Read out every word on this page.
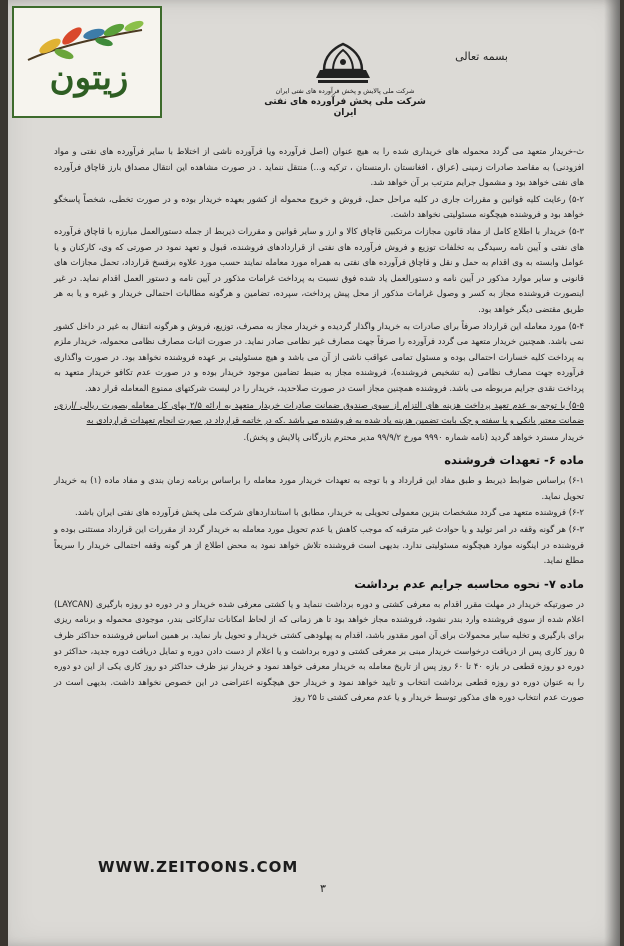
زیتون
بسمه تعالی
شرکت ملی پالایش و پخش فرآورده های نفتی ایران
شرکت ملی پخش فرآورده های نفتی ایران

ث-خریدار متعهد می گردد محموله های خریداری شده را به هیچ عنوان (اصل فرآورده ویا فرآورده ناشی از اختلاط با سایر فرآورده های نفتی و مواد افزودنی) به مقاصد صادرات زمینی (عراق ، افغانستان ،ارمنستان ، ترکیه و...) منتقل ننماید . در صورت مشاهده این انتقال مصداق بارز قاچاق فرآورده های نفتی خواهد بود و مشمول جرایم مترتب بر آن خواهد شد.

۵-۲) رعایت کلیه قوانین و مقررات جاری در کلیه مراحل حمل، فروش و خروج محموله از کشور بعهده خریدار بوده و در صورت تخطی، شخصاً پاسخگو خواهد بود و فروشنده هیچگونه مسئولیتی نخواهد داشت.

۵-۳) خریدار با اطلاع کامل از مفاد قانون مجازات مرتکبین قاچاق کالا و ارز و سایر قوانین و مقررات ذیربط از جمله دستورالعمل مبارزه با قاچاق فرآورده های نفتی و آیین نامه رسیدگی به تخلفات توزیع و فروش فرآورده های نفتی از قراردادهای فروشنده، قبول و تعهد نمود در صورتی که وی، کارکنان و یا عوامل وابسته به وی اقدام به حمل و نقل و قاچاق فرآورده های نفتی به همراه مورد معامله نمایند حسب مورد علاوه برفسخ قرارداد، تحمل مجازات های قانونی و سایر موارد مذکور در آیین نامه و دستورالعمل یاد شده فوق نسبت به پرداخت غرامات مذکور در آیین نامه و دستور العمل اقدام نماید. در غیر اینصورت فروشنده مجاز به کسر و وصول غرامات مذکور از محل پیش پرداخت، سپرده، تضامین و هرگونه مطالبات احتمالی خریدار و غیره و یا به هر طریق مقتضی دیگر خواهد بود.

۵-۴) مورد معامله این قرارداد صرفاً برای صادرات به خریدار واگذار گردیده و خریدار مجاز به مصرف، توزیع، فروش و هرگونه انتقال به غیر در داخل کشور نمی باشد. همچنین خریدار متعهد می گردد فرآورده را صرفاً جهت مصارف غیر نظامی صادر نماید. در صورت اثبات مصارف نظامی محموله، خریدار ملزم به پرداخت کلیه خسارات احتمالی بوده و مسئول تمامی عواقب ناشی از آن می باشد و هیچ مسئولیتی بر عهده فروشنده نخواهد بود. در صورت واگذاری فرآورده جهت مصارف نظامی (به تشخیص فروشنده)، فروشنده مجاز به ضبط تضامین موجود خریدار بوده و در صورت عدم تکافو خریدار متعهد به پرداخت نقدی جرایم مربوطه می باشد. فروشنده همچنین مجاز است در صورت صلاحدید، خریدار را در لیست شرکتهای ممنوع المعامله قرار دهد.

۵-۵) با توجه به عدم تعهد پرداخت هزینه های التزام از سوی صندوق ضمانت صادرات خریدار متعهد به ارائه ۲/۵ بهای کل معامله بصورت ریالی /ارزی، ضمانت معتبر بانکی و یا سفته و چک بابت تضمین هزینه یاد شده به فروشنده می باشد .که در خاتمه قرارداد در صورت انجام تعهدات قراردادی به

خریدار مسترد خواهد گردید (نامه شماره ۹۹۹۰ مورخ ۹۹/۹/۲ مدیر محترم بازرگانی پالایش و پخش).

ماده ۶- تعهدات فروشنده

۶-۱) براساس ضوابط ذیربط و طبق مفاد این قرارداد و با توجه به تعهدات خریدار مورد معامله را براساس برنامه زمان بندی و مفاد ماده (۱) به خریدار تحویل نماید.

۶-۲) فروشنده متعهد می گردد مشخصات بنزین معمولی تحویلی به خریدار، مطابق با استانداردهای شرکت ملی پخش فرآورده های نفتی ایران باشد.

۶-۳) هر گونه وقفه در امر تولید و یا حوادث غیر مترقبه که موجب کاهش یا عدم تحویل مورد معامله به خریدار گردد از مقررات این قرارداد مستثنی بوده و فروشنده در اینگونه موارد هیچگونه مسئولیتی ندارد. بدیهی است فروشنده تلاش خواهد نمود به محض اطلاع از هر گونه وقفه احتمالی خریدار را سریعاً مطلع نماید.

ماده ۷- نحوه محاسبه جرایم عدم برداشت

در صورتیکه خریدار در مهلت مقرر اقدام به معرفی کشتی و دوره برداشت ننماید و یا کشتی معرفی شده خریدار و در دوره دو روزه بارگیری (LAYCAN) اعلام شده از سوی فروشنده وارد بندر نشود، فروشنده مجاز خواهد بود تا هر زمانی که از لحاظ امکانات تدارکاتی بندر، موجودی محموله و برنامه ریزی برای بارگیری و تخلیه سایر محمولات برای آن امور مقدور باشد، اقدام به پهلودهی کشتی خریدار و تحویل بار نماید. بر همین اساس فروشنده حداکثر ظرف ۵ روز کاری پس از دریافت درخواست خریدار مبنی بر معرفی کشتی و دوره برداشت و یا اعلام از دست دادن دوره و تمایل دریافت دوره جدید، حداکثر دو دوره دو روزه قطعی در بازه ۴۰ تا ۶۰ روز پس از تاریخ معامله به خریدار معرفی خواهد نمود و خریدار نیز ظرف حداکثر دو روز کاری یکی از این دو دوره را به عنوان دوره دو روزه قطعی برداشت انتخاب و تایید خواهد نمود و خریدار حق هیچگونه اعتراضی در این خصوص نخواهد داشت. بدیهی است در صورت عدم انتخاب دوره های مذکور توسط خریدار و یا عدم معرفی کشتی تا ۲۵ روز

WWW.ZEITOONS.COM
۳
